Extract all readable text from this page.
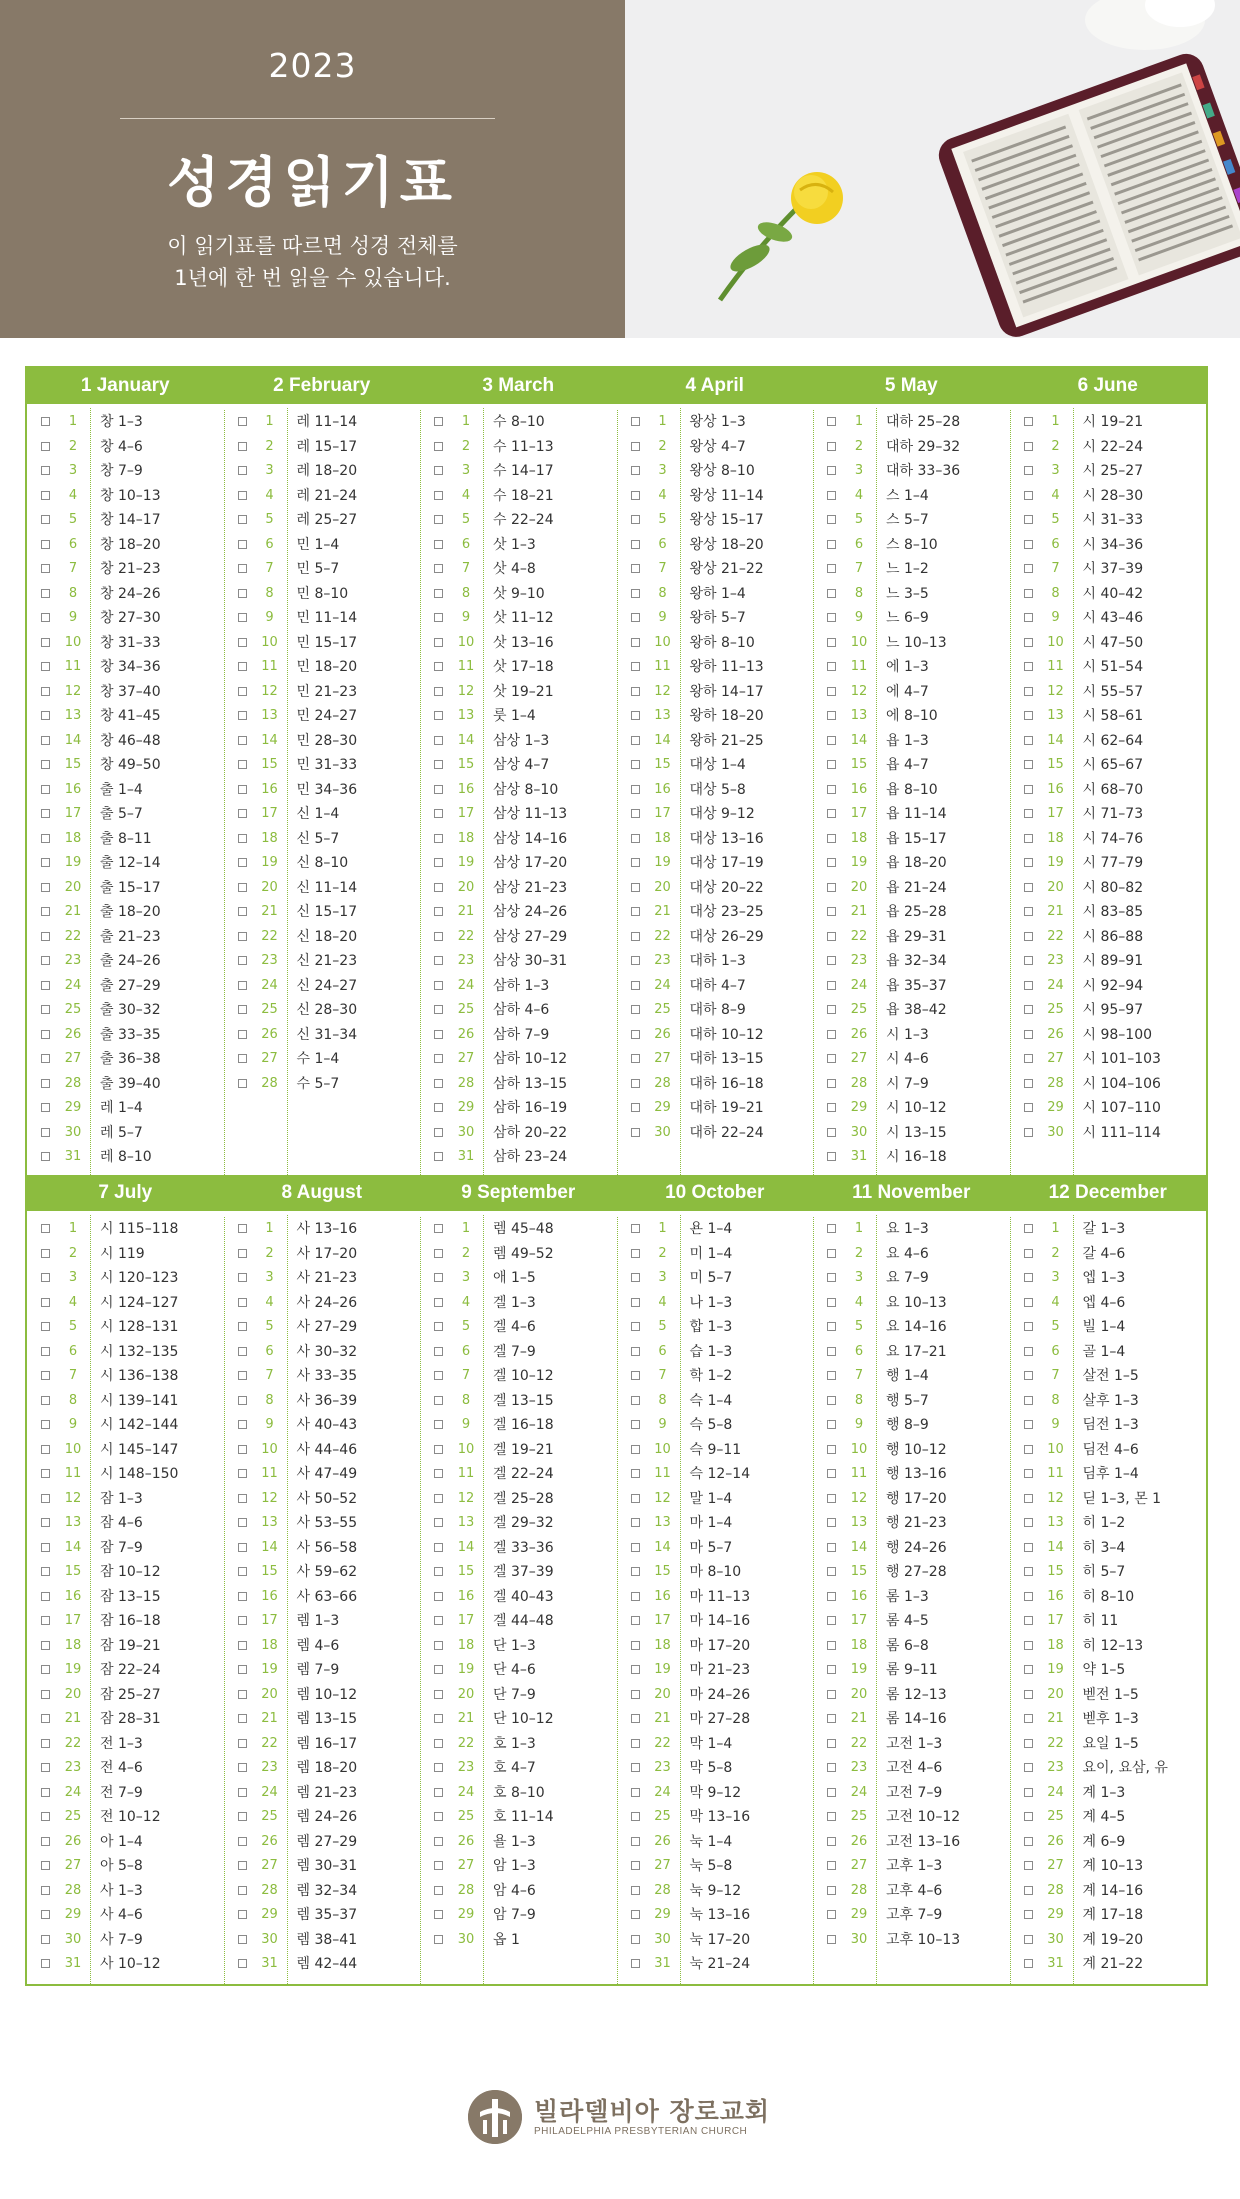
2023
성경읽기표
이 읽기표를 따르면 성경 전체를
1년에 한 번 읽을 수 있습니다.
1 January
1	창 1–3
2	창 4–6
3	창 7–9
4	창 10–13
5	창 14–17
6	창 18–20
7	창 21–23
8	창 24–26
9	창 27–30
10	창 31–33
11	창 34–36
12	창 37–40
13	창 41–45
14	창 46–48
15	창 49–50
16	출 1–4
17	출 5–7
18	출 8–11
19	출 12–14
20	출 15–17
21	출 18–20
22	출 21–23
23	출 24–26
24	출 27–29
25	출 30–32
26	출 33–35
27	출 36–38
28	출 39–40
29	레 1–4
30	레 5–7
31	레 8–10
2 February
1	레 11–14
2	레 15–17
3	레 18–20
4	레 21–24
5	레 25–27
6	민 1–4
7	민 5–7
8	민 8–10
9	민 11–14
10	민 15–17
11	민 18–20
12	민 21–23
13	민 24–27
14	민 28–30
15	민 31–33
16	민 34–36
17	신 1–4
18	신 5–7
19	신 8–10
20	신 11–14
21	신 15–17
22	신 18–20
23	신 21–23
24	신 24–27
25	신 28–30
26	신 31–34
27	수 1–4
28	수 5–7
3 March
1	수 8–10
2	수 11–13
3	수 14–17
4	수 18–21
5	수 22–24
6	삿 1–3
7	삿 4–8
8	삿 9–10
9	삿 11–12
10	삿 13–16
11	삿 17–18
12	삿 19–21
13	룻 1–4
14	삼상 1–3
15	삼상 4–7
16	삼상 8–10
17	삼상 11–13
18	삼상 14–16
19	삼상 17–20
20	삼상 21–23
21	삼상 24–26
22	삼상 27–29
23	삼상 30–31
24	삼하 1–3
25	삼하 4–6
26	삼하 7–9
27	삼하 10–12
28	삼하 13–15
29	삼하 16–19
30	삼하 20–22
31	삼하 23–24
4 April
1	왕상 1–3
2	왕상 4–7
3	왕상 8–10
4	왕상 11–14
5	왕상 15–17
6	왕상 18–20
7	왕상 21–22
8	왕하 1–4
9	왕하 5–7
10	왕하 8–10
11	왕하 11–13
12	왕하 14–17
13	왕하 18–20
14	왕하 21–25
15	대상 1–4
16	대상 5–8
17	대상 9–12
18	대상 13–16
19	대상 17–19
20	대상 20–22
21	대상 23–25
22	대상 26–29
23	대하 1–3
24	대하 4–7
25	대하 8–9
26	대하 10–12
27	대하 13–15
28	대하 16–18
29	대하 19–21
30	대하 22–24
5 May
1	대하 25–28
2	대하 29–32
3	대하 33–36
4	스 1–4
5	스 5–7
6	스 8–10
7	느 1–2
8	느 3–5
9	느 6–9
10	느 10–13
11	에 1–3
12	에 4–7
13	에 8–10
14	욥 1–3
15	욥 4–7
16	욥 8–10
17	욥 11–14
18	욥 15–17
19	욥 18–20
20	욥 21–24
21	욥 25–28
22	욥 29–31
23	욥 32–34
24	욥 35–37
25	욥 38–42
26	시 1–3
27	시 4–6
28	시 7–9
29	시 10–12
30	시 13–15
31	시 16–18
6 June
1	시 19–21
2	시 22–24
3	시 25–27
4	시 28–30
5	시 31–33
6	시 34–36
7	시 37–39
8	시 40–42
9	시 43–46
10	시 47–50
11	시 51–54
12	시 55–57
13	시 58–61
14	시 62–64
15	시 65–67
16	시 68–70
17	시 71–73
18	시 74–76
19	시 77–79
20	시 80–82
21	시 83–85
22	시 86–88
23	시 89–91
24	시 92–94
25	시 95–97
26	시 98–100
27	시 101–103
28	시 104–106
29	시 107–110
30	시 111–114
7 July
1	시 115–118
2	시 119
3	시 120–123
4	시 124–127
5	시 128–131
6	시 132–135
7	시 136–138
8	시 139–141
9	시 142–144
10	시 145–147
11	시 148–150
12	잠 1–3
13	잠 4–6
14	잠 7–9
15	잠 10–12
16	잠 13–15
17	잠 16–18
18	잠 19–21
19	잠 22–24
20	잠 25–27
21	잠 28–31
22	전 1–3
23	전 4–6
24	전 7–9
25	전 10–12
26	아 1–4
27	아 5–8
28	사 1–3
29	사 4–6
30	사 7–9
31	사 10–12
8 August
1	사 13–16
2	사 17–20
3	사 21–23
4	사 24–26
5	사 27–29
6	사 30–32
7	사 33–35
8	사 36–39
9	사 40–43
10	사 44–46
11	사 47–49
12	사 50–52
13	사 53–55
14	사 56–58
15	사 59–62
16	사 63–66
17	렘 1–3
18	렘 4–6
19	렘 7–9
20	렘 10–12
21	렘 13–15
22	렘 16–17
23	렘 18–20
24	렘 21–23
25	렘 24–26
26	렘 27–29
27	렘 30–31
28	렘 32–34
29	렘 35–37
30	렘 38–41
31	렘 42–44
9 September
1	렘 45–48
2	렘 49–52
3	애 1–5
4	겔 1–3
5	겔 4–6
6	겔 7–9
7	겔 10–12
8	겔 13–15
9	겔 16–18
10	겔 19–21
11	겔 22–24
12	겔 25–28
13	겔 29–32
14	겔 33–36
15	겔 37–39
16	겔 40–43
17	겔 44–48
18	단 1–3
19	단 4–6
20	단 7–9
21	단 10–12
22	호 1–3
23	호 4–7
24	호 8–10
25	호 11–14
26	욜 1–3
27	암 1–3
28	암 4–6
29	암 7–9
30	옵 1
10 October
1	욘 1–4
2	미 1–4
3	미 5–7
4	나 1–3
5	합 1–3
6	습 1–3
7	학 1–2
8	슥 1–4
9	슥 5–8
10	슥 9–11
11	슥 12–14
12	말 1–4
13	마 1–4
14	마 5–7
15	마 8–10
16	마 11–13
17	마 14–16
18	마 17–20
19	마 21–23
20	마 24–26
21	마 27–28
22	막 1–4
23	막 5–8
24	막 9–12
25	막 13–16
26	눅 1–4
27	눅 5–8
28	눅 9–12
29	눅 13–16
30	눅 17–20
31	눅 21–24
11 November
1	요 1–3
2	요 4–6
3	요 7–9
4	요 10–13
5	요 14–16
6	요 17–21
7	행 1–4
8	행 5–7
9	행 8–9
10	행 10–12
11	행 13–16
12	행 17–20
13	행 21–23
14	행 24–26
15	행 27–28
16	롬 1–3
17	롬 4–5
18	롬 6–8
19	롬 9–11
20	롬 12–13
21	롬 14–16
22	고전 1–3
23	고전 4–6
24	고전 7–9
25	고전 10–12
26	고전 13–16
27	고후 1–3
28	고후 4–6
29	고후 7–9
30	고후 10–13
12 December
1	갈 1–3
2	갈 4–6
3	엡 1–3
4	엡 4–6
5	빌 1–4
6	골 1–4
7	살전 1–5
8	살후 1–3
9	딤전 1–3
10	딤전 4–6
11	딤후 1–4
12	딛 1–3, 몬 1
13	히 1–2
14	히 3–4
15	히 5–7
16	히 8–10
17	히 11
18	히 12–13
19	약 1–5
20	벧전 1–5
21	벧후 1–3
22	요일 1–5
23	요이, 요삼, 유
24	계 1–3
25	계 4–5
26	계 6–9
27	계 10–13
28	계 14–16
29	계 17–18
30	계 19–20
31	계 21–22
빌라델비아 장로교회
PHILADELPHIA PRESBYTERIAN CHURCH
